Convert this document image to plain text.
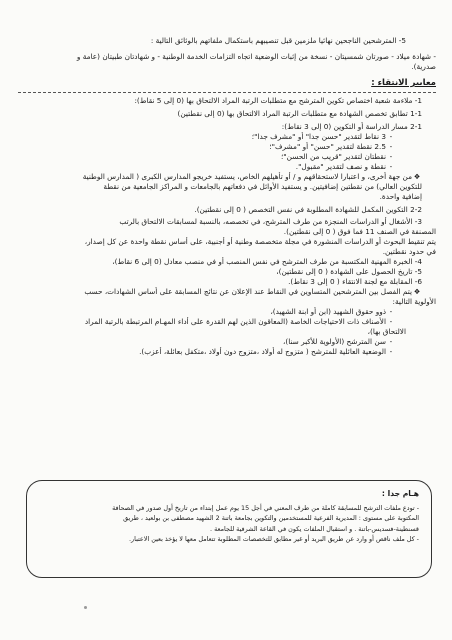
5- المترشحين الناجحين نهائيا ملزمين قبل تنصيبهم باستكمال ملفاتهم بالوثائق التالية :
- شهادة ميلاد - صورتان شمسيتان - نسخة من إثبات الوضعية اتجاه التزامات الخدمة الوطنية - و شهادتان طبيتان (عامة و
صدرية).
معايير الانتقاء :
1- ملاءمة شعبة اختصاص تكوين المترشح مع متطلبات الرتبة المراد الالتحاق بها (0 إلى 5 نقاط):
1-1 تطابق تخصص الشهادة مع متطلبات الرتبة المراد الالتحاق بها (0 إلى نقطتين)
2-1 مسار الدراسة أو التكوين (0 إلى 3 نقاط):
-3 نقاط لتقدير "حسن جدا" أو "مشرف جدا"؛
-2.5 نقطة لتقدير "حسن" أو "مشرف"؛
-نقطتان لتقدير "قريب من الحسن"؛
-نقطة و نصف لتقدير "مقبول".
❖من جهة أخرى، و اعتبارا لاستحقاقهم و / أو تأهيلهم الخاص، يستفيد خريجو المدارس الكبرى ( المدارس الوطنية
للتكوين العالي) من نقطتين إضافيتين. و يستفيد الأوائل في دفعاتهم بالجامعات و المراكز الجامعية من نقطة
إضافية واحدة.
2-2 التكوين المكمل للشهادة المطلوبة في نفس التخصص ( 0 إلى نقطتين).
3- الأشغال أو الدراسات المنجزة من طرف المترشح، في تخصصه، بالنسبة لمسابقات الالتحاق بالرتب
المصنفة في الصنف 11 فما فوق ( 0 إلى نقطتين).
يتم تنقيط البحوث أو الدراسات المنشورة في مجلة متخصصة وطنية أو أجنبية، على أساس نقطة واحدة عن كل إصدار،
في حدود نقطتين.
4- الخبرة المهنية المكتسبة من طرف المترشح في نفس المنصب أو في منصب معادل (0 إلى 6 نقاط)،
5- تاريخ الحصول على الشهادة ( 0 إلى نقطتين)،
6- المقابلة مع لجنة الانتقاء ( 0 إلى 3 نقاط).
❖يتم الفصل بين المترشحين المتساوين في النقاط عند الإعلان عن نتائج المسابقة على أساس الشهادات، حسب
الأولوية التالية:
-ذوو حقوق الشهيد (ابن أو ابنة الشهيد)،
-الأصناف ذات الاحتياجات الخاصة (المعاقون الذين لهم القدرة على أداء المهـام المرتبطة بالرتبة المراد
الالتحاق بها)،
-سن المترشح (الأولوية للأكبر سنا)،
-الوضعية العائلية للمترشح ( متزوج له أولاد ،متزوج دون أولاد ،متكفل بعائلة، أعزب).
هـام جدا :
- تودع ملفات الترشح للمسابقة كاملة من طرف المعني في أجل 15 يوم عمل إبتداء من تاريخ أول صدور في الصحافة
المكتوبة على مستوى : المديرية الفرعية للمستخدمين والتكوين بجامعة باتنة 2 الشهيد مصطفى بن بولعيد ، طريق
قسنطينة-فسديس-باتنة . و استقبال الملفات يكون في القاعة الشرفية للجامعة .
- كل ملف ناقص أو وارد عن طريق البريد أو غير مطابق للتخصصات المطلوبة تتعامل معها لا يؤخذ بعين الاعتبار.
